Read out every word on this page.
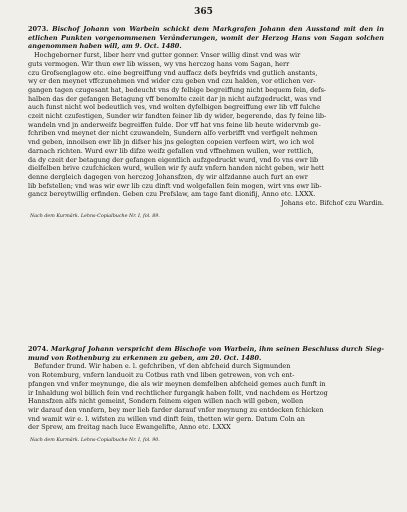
365
2073. Bischof Johann von Warbein schickt dem Markgrafen Johann den Ausstand mit den in etlichen Punkten vorgenommenen Veränderungen, womit der Herzog Hans von Sagan solchen angenommen haben will, am 9. Oct. 1480.
Hochgeborner furst, liber herr vnd gutter gonner. Vnser willig dinst vnd was wir
guts vermogen. Wir thun ewr lib wissen, wy vns herczog hans vom Sagan, herr
czu Grofsenglagow etc. eine begreiffung vnd auffacz defs beyfrids vnd gutlich anstants,
wy er den meynet vffczunehmen vnd wider czu geben vnd czu halden, vor etlichen ver-
gangen tagen czugesant hat, bedeucht vns dy felbige begreiffung nicht bequem fein, defs-
halben das der gefangen Betagung vff benomlte czeit dar jn nicht aufzgedruckt, was vnd
auch funst nicht wol bedeutlich ves, vnd wolten dyfelbigen begreiffung ewr lib vff fulche
czeit nicht czufestigen, Sunder wir fandten feiner lib dy wider, begerende, das fy feine lib-
wandeln vnd jn anderweifz begreiffen fulde. Dor vff hat vns feine lib heute widervmb ge-
fchriben vnd meynet der nicht czuwandeln, Sundern alfo verbrifft vnd verfigelt nehmen
vnd geben, innoilsen ewr lib jn difser his jns gelegten copeien verfeen wirt, wo ich wol
darnach richten. Wurd ewr lib difze weifz gefallen vnd vffnehmen wullen, wer rettlich,
da dy czeit der betagung der gefangen eigentlich aufzgedruckt wurd, vnd fo vns ewr lib
dielfelben brive czufchicken wurd, wullen wir fy aufz vnfern handen nicht geben, wir hett
denne dergleich dagegen von herczog Johansfzen, dy wir alfzdanne auch furt an ewr
lib befstellen; vnd was wir ewr lib czu dinft vnd wolgefallen fein mogen, wirt vns ewr lib-
gancz bereytwillig erfinden. Geben czu Prefslaw, am tage fant dionifij, Anno etc. LXXX.
Johans etc. Bifchof czu Wardin.
Nach dem Kurmärk. Lehns-Copialbuche Nr. I, fol. 89.
2074. Markgraf Johann verspricht dem Bischofe von Warbein, ihm seinen Beschluss durch Siegmund von Rothenburg zu erkennen zu geben, am 20. Oct. 1480.
Befunder frund. Wir haben e. l. gefchriben, vf den abfcheid durch Sigmunden
von Rotemburg, vnfern landuoit zu Cotbus rath vnd liben getrewen, von vch ent-
pfangen vnd vnfer meynunge, die als wir meynen demfelben abfcheid gemes auch funft in
ir Inhaldung wol billich fein vnd rechtlicher furgangk haben follt, vnd nachdem es Hertzog
Hannsfzen alfs nicht gemeint, Sondern feinem eigen willen nach will geben, wollen
wir darauf den vnnfern, bey mer lieb farder darauf vnfer meynung zu entdecken fchicken
vnd wamit wir e. l. wifsten zu willen vnd dinft fein, thetten wir gern. Datum Coln an
der Sprew, am freitag nach luce Ewangelifte, Anno etc. LXXX
Nach dem Kurmärk. Lehns-Copialbuche Nr. I, fol. 90.
